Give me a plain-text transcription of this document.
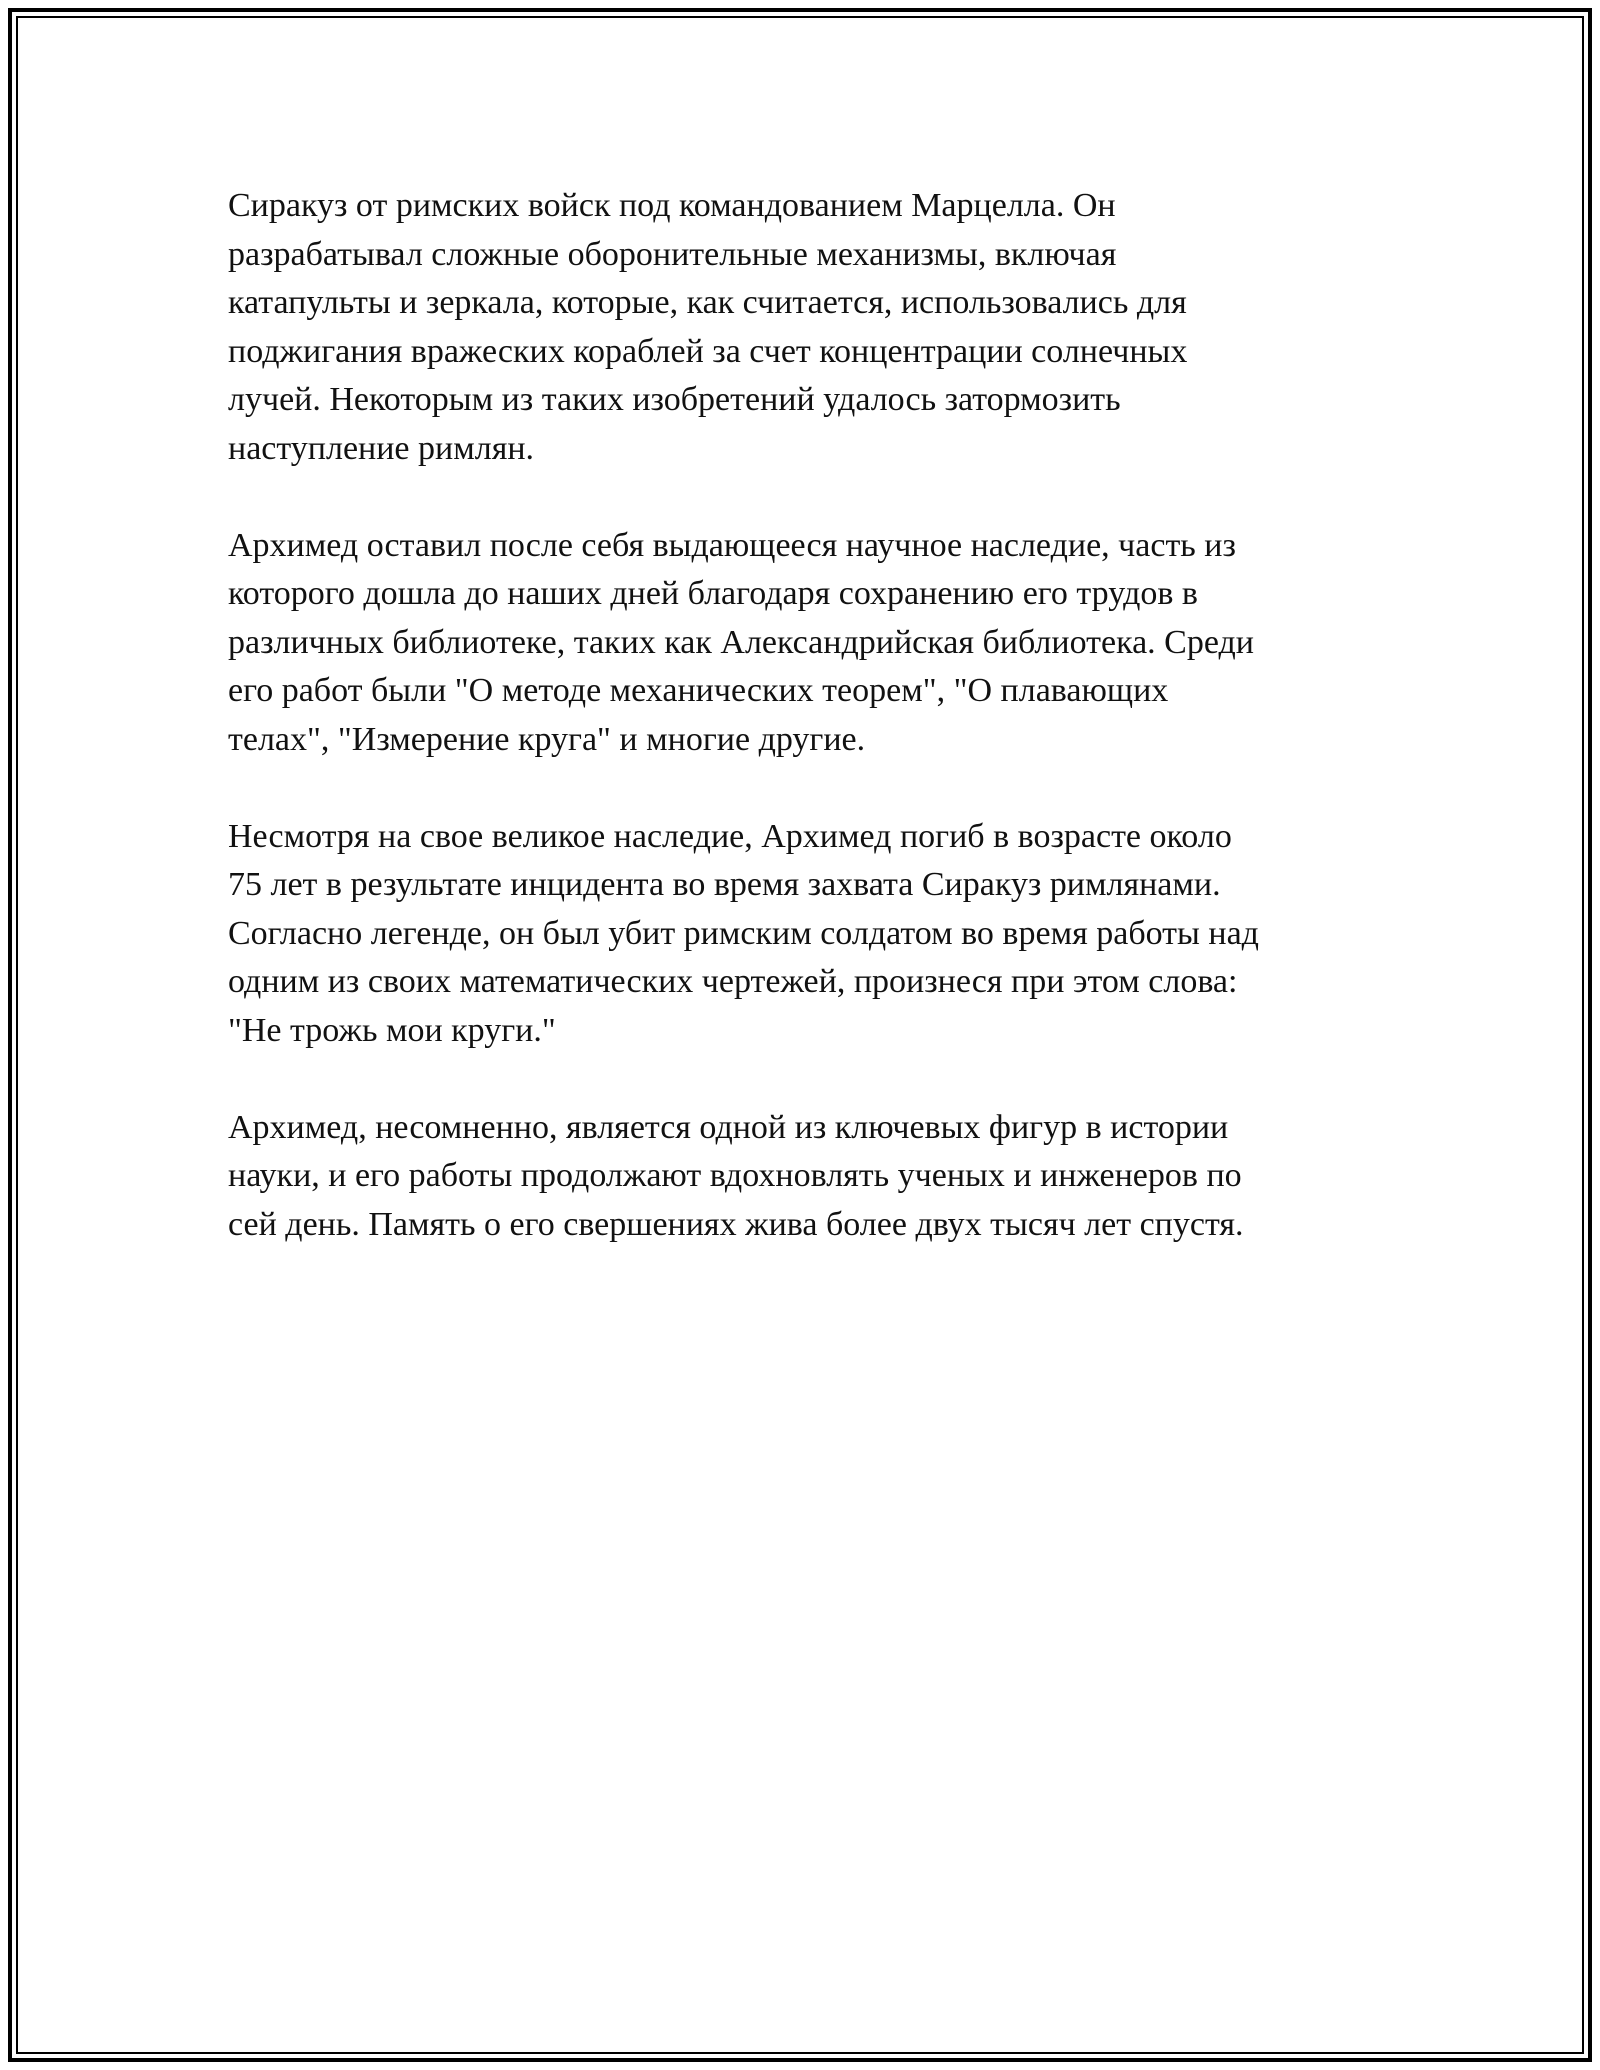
Сиракуз от римских войск под командованием Марцелла. Он
разрабатывал сложные оборонительные механизмы, включая
катапульты и зеркала, которые, как считается, использовались для
поджигания вражеских кораблей за счет концентрации солнечных
лучей. Некоторым из таких изобретений удалось затормозить
наступление римлян.
Архимед оставил после себя выдающееся научное наследие, часть из
которого дошла до наших дней благодаря сохранению его трудов в
различных библиотеке, таких как Александрийская библиотека. Среди
его работ были "О методе механических теорем", "О плавающих
телах", "Измерение круга" и многие другие.
Несмотря на свое великое наследие, Архимед погиб в возрасте около
75 лет в результате инцидента во время захвата Сиракуз римлянами.
Согласно легенде, он был убит римским солдатом во время работы над
одним из своих математических чертежей, произнеся при этом слова:
"Не трожь мои круги."
Архимед, несомненно, является одной из ключевых фигур в истории
науки, и его работы продолжают вдохновлять ученых и инженеров по
сей день. Память о его свершениях жива более двух тысяч лет спустя.
